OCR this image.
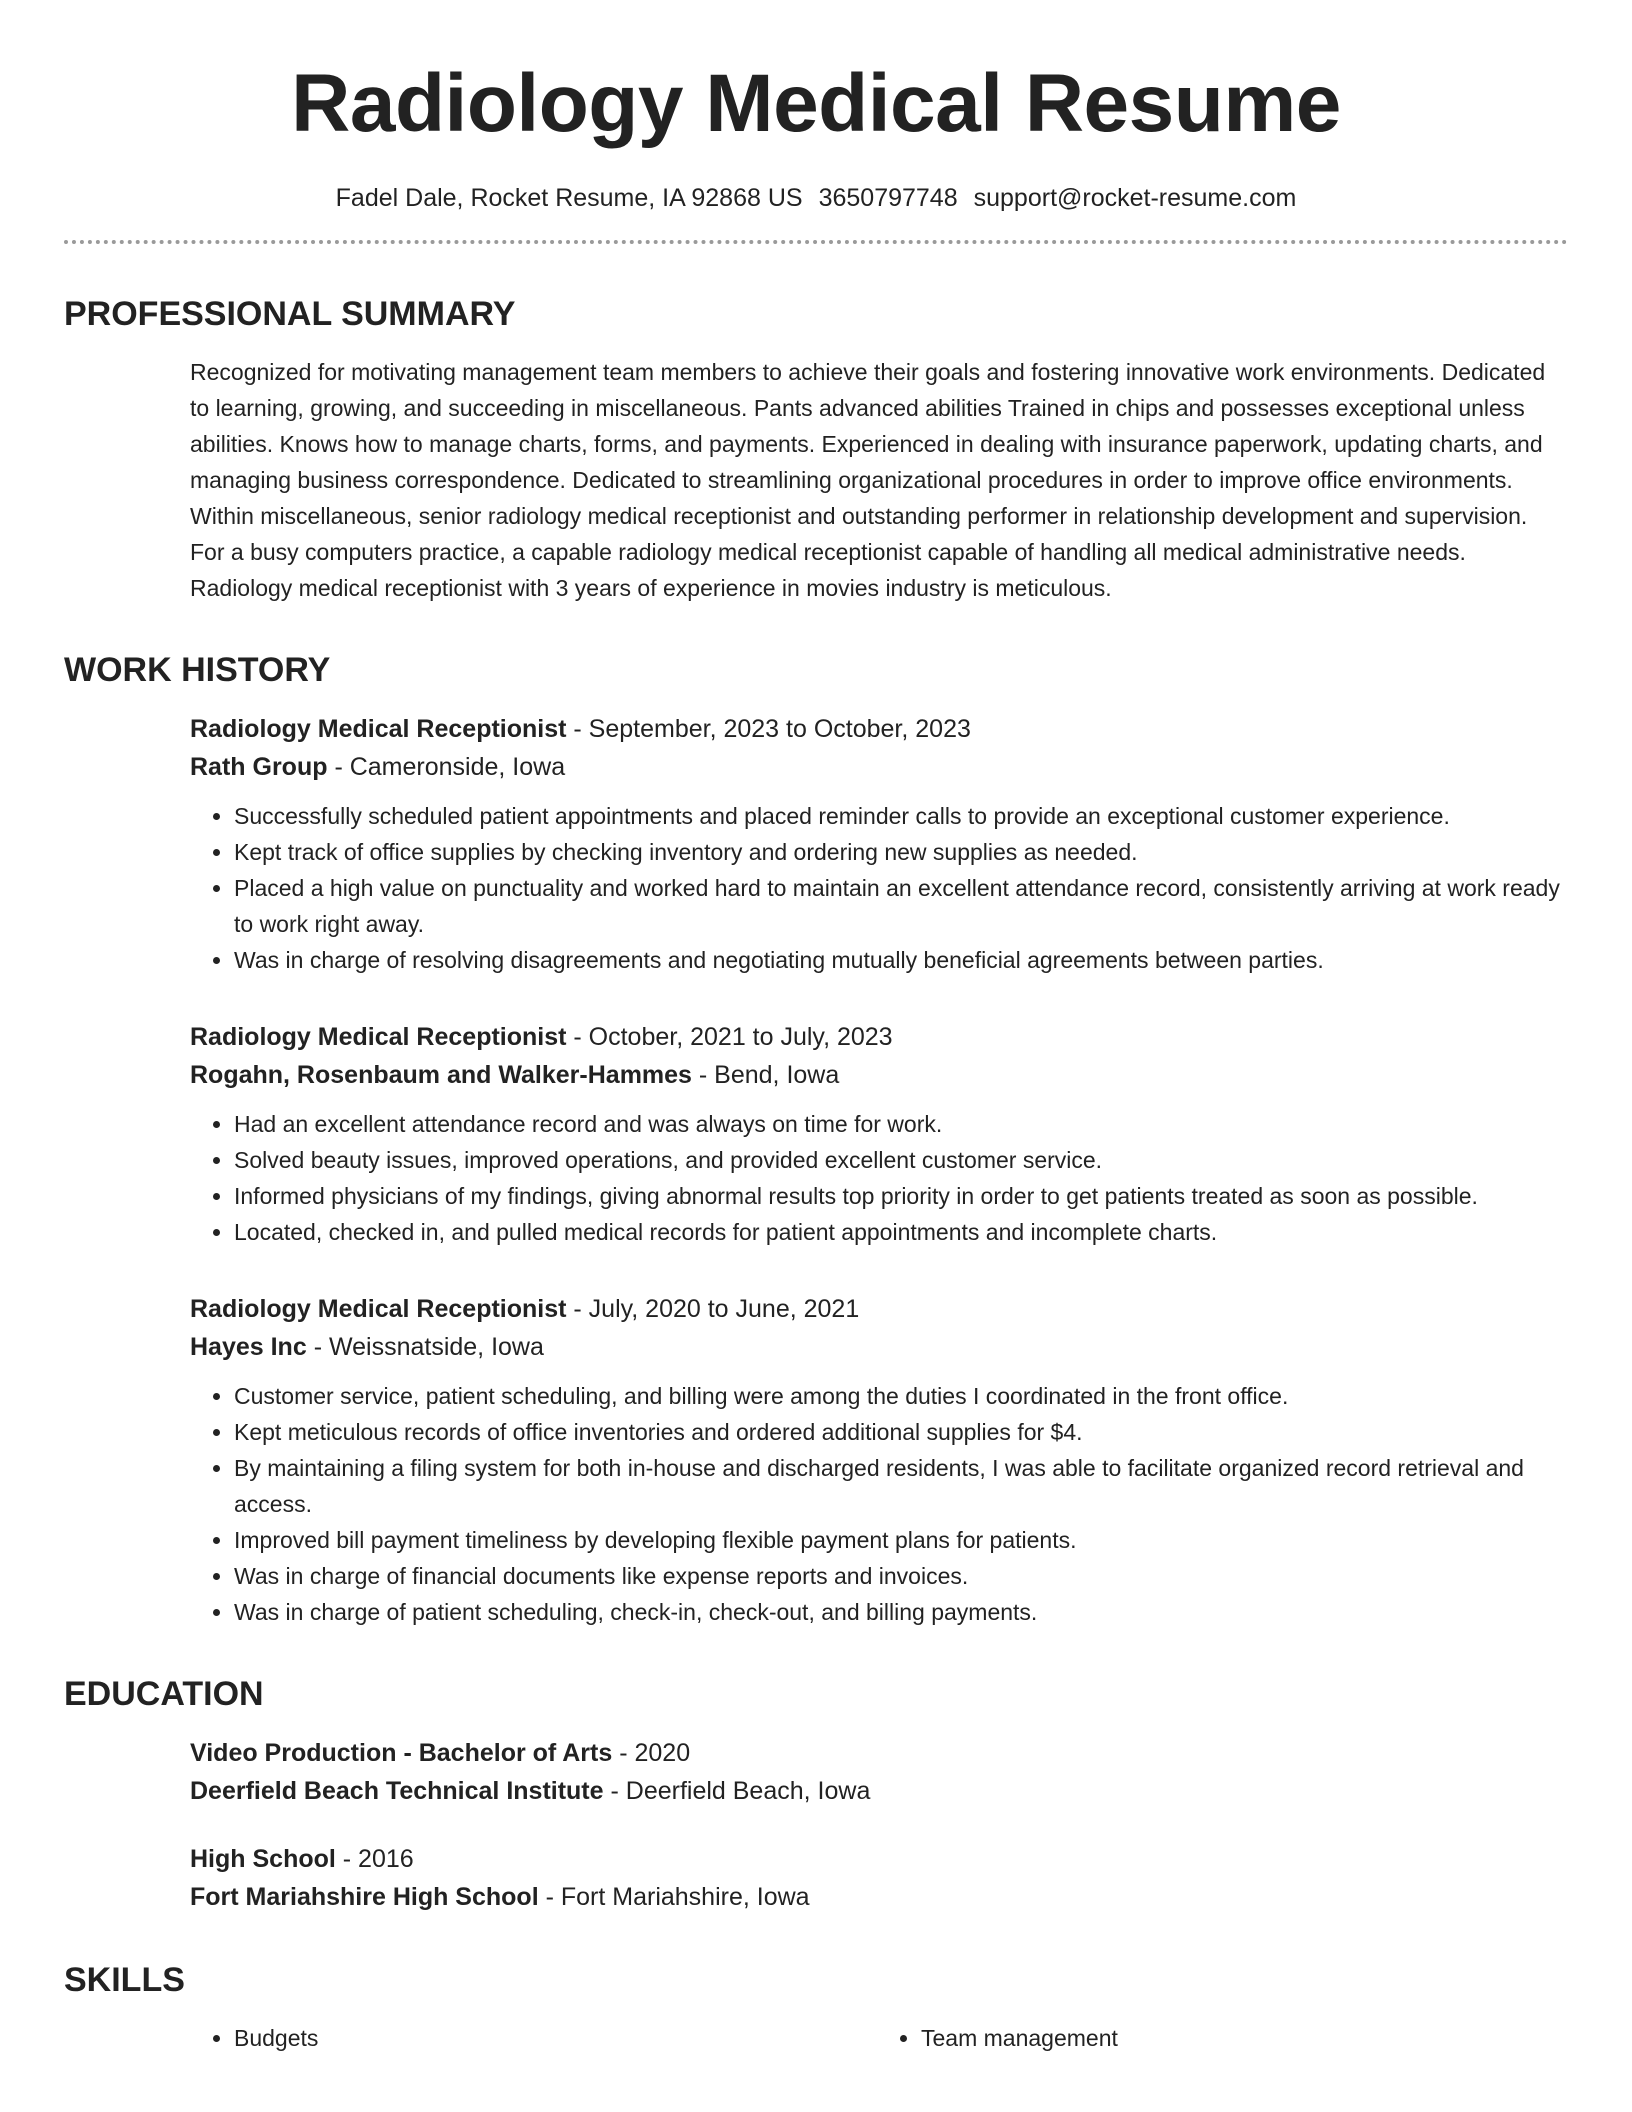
Radiology Medical Resume
Fadel Dale, Rocket Resume, IA 92868 US 3650797748 support@rocket-resume.com
PROFESSIONAL SUMMARY

Recognized for motivating management team members to achieve their goals and fostering innovative work environments. Dedicated to learning, growing, and succeeding in miscellaneous. Pants advanced abilities Trained in chips and possesses exceptional unless abilities. Knows how to manage charts, forms, and payments. Experienced in dealing with insurance paperwork, updating charts, and managing business correspondence. Dedicated to streamlining organizational procedures in order to improve office environments. Within miscellaneous, senior radiology medical receptionist and outstanding performer in relationship development and supervision. For a busy computers practice, a capable radiology medical receptionist capable of handling all medical administrative needs. Radiology medical receptionist with 3 years of experience in movies industry is meticulous.

WORK HISTORY
Radiology Medical Receptionist - September, 2023 to October, 2023
Rath Group - Cameronside, Iowa
• Successfully scheduled patient appointments and placed reminder calls to provide an exceptional customer experience.
• Kept track of office supplies by checking inventory and ordering new supplies as needed.
• Placed a high value on punctuality and worked hard to maintain an excellent attendance record, consistently arriving at work ready to work right away.
• Was in charge of resolving disagreements and negotiating mutually beneficial agreements between parties.
Radiology Medical Receptionist - October, 2021 to July, 2023
Rogahn, Rosenbaum and Walker-Hammes - Bend, Iowa
• Had an excellent attendance record and was always on time for work.
• Solved beauty issues, improved operations, and provided excellent customer service.
• Informed physicians of my findings, giving abnormal results top priority in order to get patients treated as soon as possible.
• Located, checked in, and pulled medical records for patient appointments and incomplete charts.
Radiology Medical Receptionist - July, 2020 to June, 2021
Hayes Inc - Weissnatside, Iowa
• Customer service, patient scheduling, and billing were among the duties I coordinated in the front office.
• Kept meticulous records of office inventories and ordered additional supplies for $4.
• By maintaining a filing system for both in-house and discharged residents, I was able to facilitate organized record retrieval and access.
• Improved bill payment timeliness by developing flexible payment plans for patients.
• Was in charge of financial documents like expense reports and invoices.
• Was in charge of patient scheduling, check-in, check-out, and billing payments.
EDUCATION
Video Production - Bachelor of Arts - 2020
Deerfield Beach Technical Institute - Deerfield Beach, Iowa
High School - 2016
Fort Mariahshire High School - Fort Mariahshire, Iowa
SKILLS
• Budgets
•	Team management
